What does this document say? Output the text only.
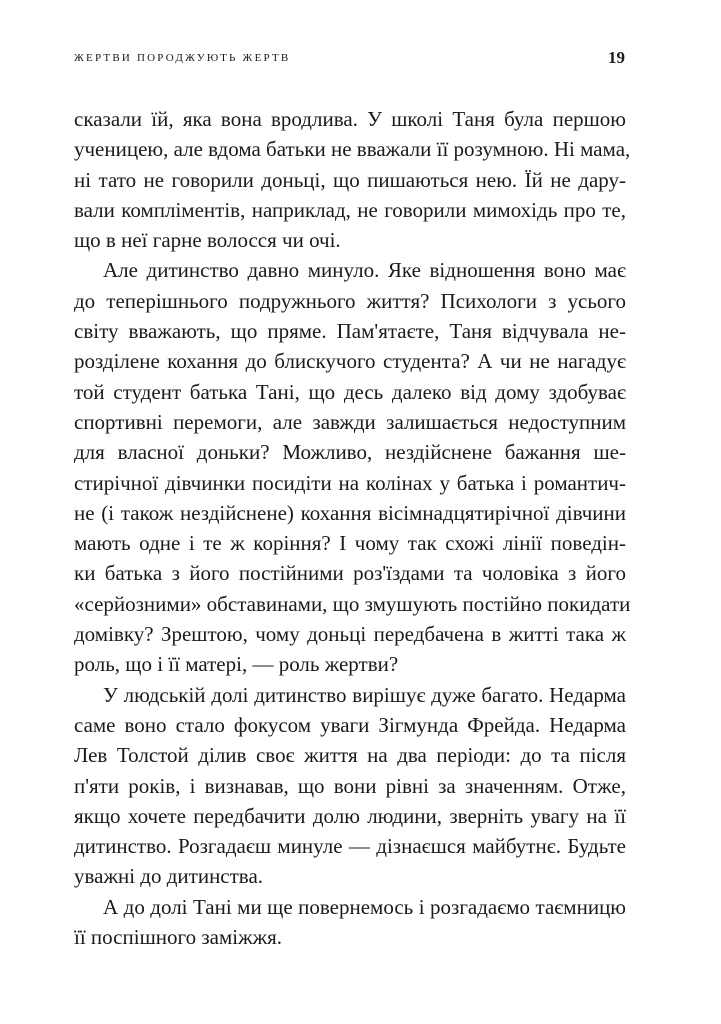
ЖЕРТВИ ПОРОДЖУЮТЬ ЖЕРТВ	19
сказали їй, яка вона вродлива. У школі Таня була першою
ученицею, але вдома батьки не вважали її розумною. Ні мама,
ні тато не говорили доньці, що пишаються нею. Їй не дару-
вали компліментів, наприклад, не говорили мимохідь про те,
що в неї гарне волосся чи очі.
Але дитинство давно минуло. Яке відношення воно має
до теперішнього подружнього життя? Психологи з усього
світу вважають, що пряме. Пам'ятаєте, Таня відчувала не-
розділене кохання до блискучого студента? А чи не нагадує
той студент батька Тані, що десь далеко від дому здобуває
спортивні перемоги, але завжди залишається недоступним
для власної доньки? Можливо, нездійснене бажання ше-
стирічної дівчинки посидіти на колінах у батька і романтич-
не (і також нездійснене) кохання вісімнадцятирічної дівчини
мають одне і те ж коріння? І чому так схожі лінії поведін-
ки батька з його постійними роз'їздами та чоловіка з його
«серйозними» обставинами, що змушують постійно покидати
домівку? Зрештою, чому доньці передбачена в житті така ж
роль, що і її матері, — роль жертви?
У людській долі дитинство вирішує дуже багато. Недарма
саме воно стало фокусом уваги Зігмунда Фрейда. Недарма
Лев Толстой ділив своє життя на два періоди: до та після
п'яти років, і визнавав, що вони рівні за значенням. Отже,
якщо хочете передбачити долю людини, зверніть увагу на її
дитинство. Розгадаєш минуле — дізнаєшся майбутнє. Будьте
уважні до дитинства.
А до долі Тані ми ще повернемось і розгадаємо таємницю
її поспішного заміжжя.
